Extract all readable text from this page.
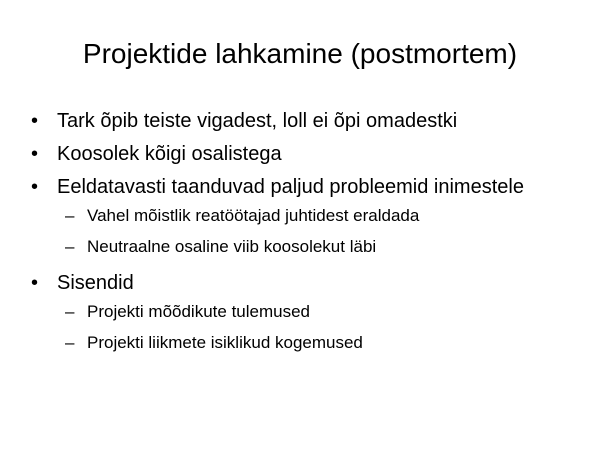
Projektide lahkamine (postmortem)
• Tark õpib teiste vigadest, loll ei õpi omadestki
• Koosolek kõigi osalistega
• Eeldatavasti taanduvad paljud probleemid inimestele
– Vahel mõistlik reatöötajad juhtidest eraldada
– Neutraalne osaline viib koosolekut läbi
• Sisendid
– Projekti mõõdikute tulemused
– Projekti liikmete isiklikud kogemused
